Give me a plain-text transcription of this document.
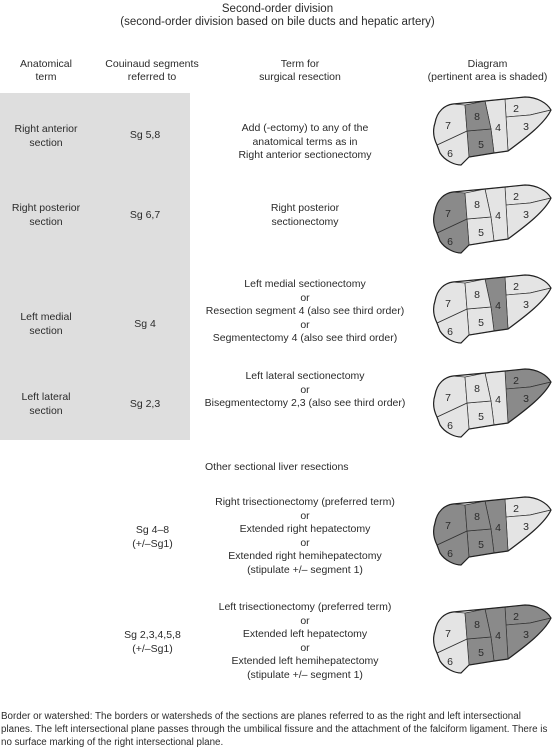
Second-order division
(second-order division based on bile ducts and hepatic artery)
Anatomical
term
Couinaud segments
referred to
Term for
surgical resection
Diagram
(pertinent area is shaded)
Right anterior
section
Sg 5,8
Add (-ectomy) to any of the
anatomical terms as in
Right anterior sectionectomy
Right posterior
section
Sg 6,7
Right posterior
sectionectomy
Left medial
section
Sg 4
Left medial sectionectomy
or
Resection segment 4 (also see third order)
or
Segmentectomy 4 (also see third order)
Left lateral
section
Sg 2,3
Left lateral sectionectomy
or
Bisegmentectomy 2,3 (also see third order)
Other sectional liver resections
Sg 4–8
(+/–Sg1)
Right trisectionectomy (preferred term)
or
Extended right hepatectomy
or
Extended right hemihepatectomy
(stipulate +/– segment 1)
Sg 2,3,4,5,8
(+/–Sg1)
Left trisectionectomy (preferred term)
or
Extended left hepatectomy
or
Extended left hemihepatectomy
(stipulate +/– segment 1)
2
3
4
5
6
7
8
2
3
4
5
6
7
8
2
3
4
5
6
7
8
2
3
4
5
6
7
8
2
3
4
5
6
7
8
2
3
4
5
6
7
8
Border or watershed: The borders or watersheds of the sections are planes referred to as the right and left intersectional planes. The left intersectional plane passes through the umbilical fissure and the attachment of the falciform ligament. There is no surface marking of the right intersectional plane.
